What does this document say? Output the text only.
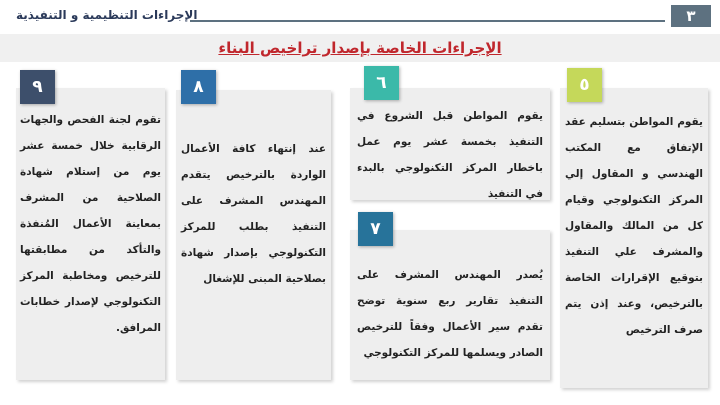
٣
الإجراءات التنظيمية و التنفيذية
الإجراءات الخاصة بإصدار تراخيص البناء
٥
يقوم المواطن بتسليم عقد الإتفاق مع المكتب الهندسي و المقاول إلي المركز التكنولوجي وقيام كل من المالك والمقاول والمشرف علي التنفيذ بتوقيع الإقرارات الخاصة بالترخيص، وعند إذن يتم صرف الترخيص
٦
يقوم المواطن قبل الشروع في التنفيذ بخمسة عشر يوم عمل باخطار المركز التكنولوجي بالبدء في التنفيذ
٧
يُصدر المهندس المشرف على التنفيذ تقارير ربع سنوية توضح تقدم سير الأعمال وفقاً للترخيص الصادر ويسلمها للمركز التكنولوجي
٨
عند إنتهاء كافة الأعمال الواردة بالترخيص يتقدم المهندس المشرف على التنفيذ بطلب للمركز التكنولوجي بإصدار شهادة بصلاحية المبنى للإشغال
٩
تقوم لجنة الفحص والجهات الرقابية خلال خمسة عشر يوم من إستلام شهادة الصلاحية من المشرف بمعاينة الأعمال المُنفذة والتأكد من مطابقتها للترخيص ومخاطبة المركز التكنولوجي لإصدار خطابات المرافق.
